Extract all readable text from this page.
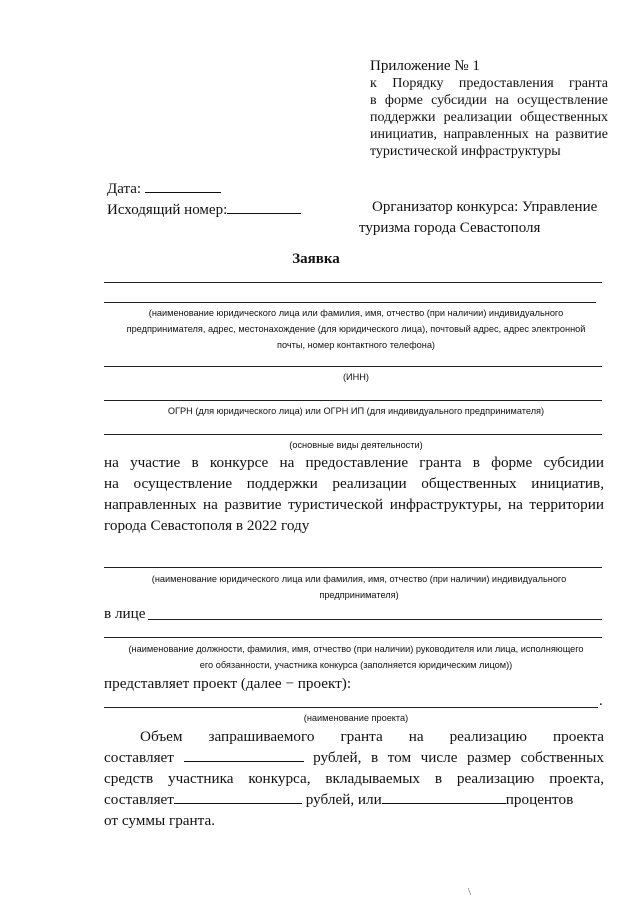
Приложение № 1
к Порядку предоставления гранта
в форме субсидии на осуществление
поддержки реализации общественных
инициатив, направленных на развитие
туристической инфраструктуры
Дата:
Исходящий номер:	Организатор конкурса: Управление
туризма города Севастополя
Заявка
(наименование юридического лица или фамилия, имя, отчество (при наличии) индивидуального
предпринимателя, адрес, местонахождение (для юридического лица), почтовый адрес, адрес электронной
почты, номер контактного телефона)
(ИНН)
ОГРН (для юридического лица) или ОГРН ИП (для индивидуального предпринимателя)
(основные виды деятельности)
на участие в конкурсе на предоставление гранта в форме субсидии
на осуществление поддержки реализации общественных инициатив,
направленных на развитие туристической инфраструктуры, на территории
города Севастополя в 2022 году
(наименование юридического лица или фамилия, имя, отчество (при наличии) индивидуального
предпринимателя)
в лице
(наименование должности, фамилия, имя, отчество (при наличии) руководителя или лица, исполняющего
его обязанности, участника конкурса (заполняется юридическим лицом))
представляет проект (далее − проект):
.
(наименование проекта)
Объем запрашиваемого гранта на реализацию проекта
составляет	рублей, в том числе размер собственных
средств участника конкурса, вкладываемых в реализацию проекта,
составляет	рублей, или	процентов
от суммы гранта.
\
